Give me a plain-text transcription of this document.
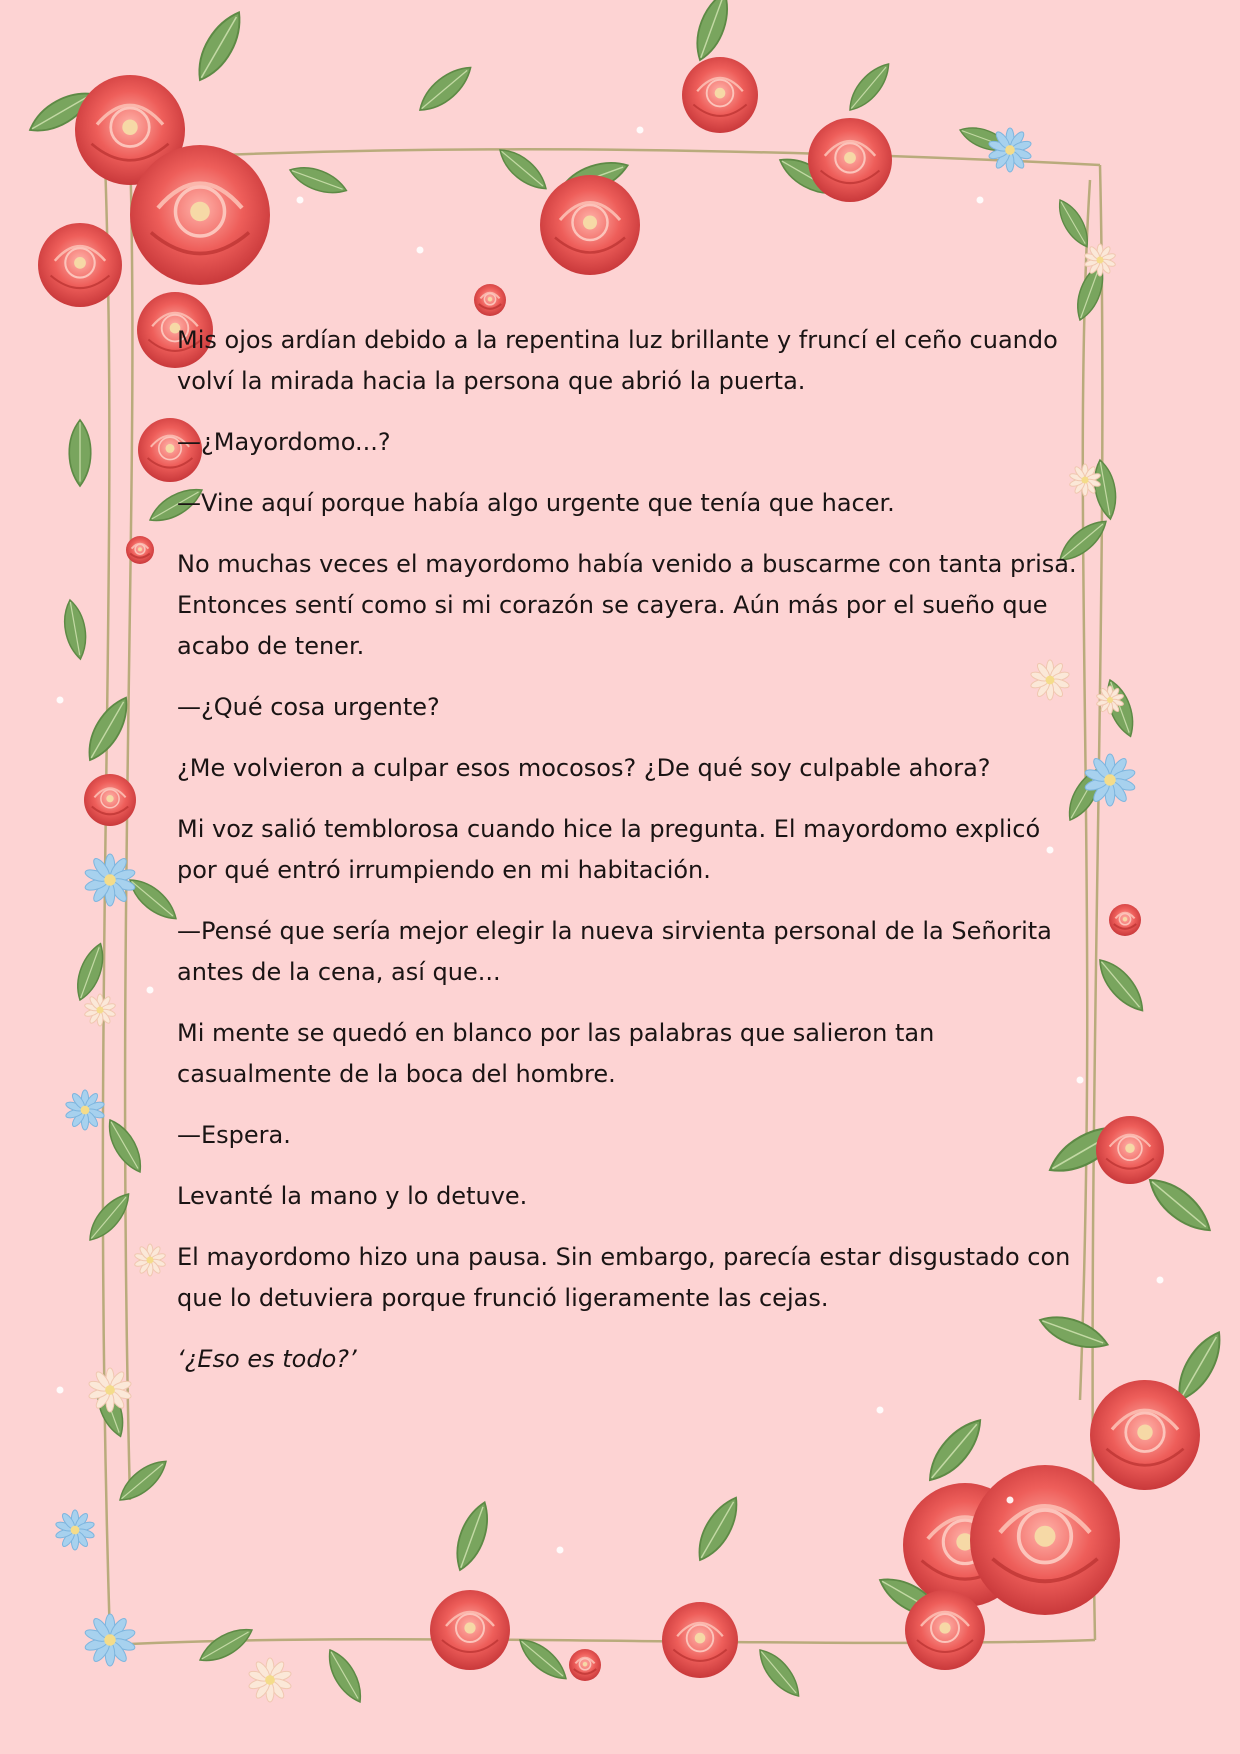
Mis ojos ardían debido a la repentina luz brillante y fruncí el ceño cuando volví la mirada hacia la persona que abrió la puerta.

—¿Mayordomo...?

—Vine aquí porque había algo urgente que tenía que hacer.

No muchas veces el mayordomo había venido a buscarme con tanta prisa. Entonces sentí como si mi corazón se cayera. Aún más por el sueño que acabo de tener.

—¿Qué cosa urgente?

¿Me volvieron a culpar esos mocosos? ¿De qué soy culpable ahora?

Mi voz salió temblorosa cuando hice la pregunta. El mayordomo explicó por qué entró irrumpiendo en mi habitación.

—Pensé que sería mejor elegir la nueva sirvienta personal de la Señorita antes de la cena, así que...

Mi mente se quedó en blanco por las palabras que salieron tan casualmente de la boca del hombre.

—Espera.

Levanté la mano y lo detuve.

El mayordomo hizo una pausa. Sin embargo, parecía estar disgustado con que lo detuviera porque frunció ligeramente las cejas.

‘¿Eso es todo?’
